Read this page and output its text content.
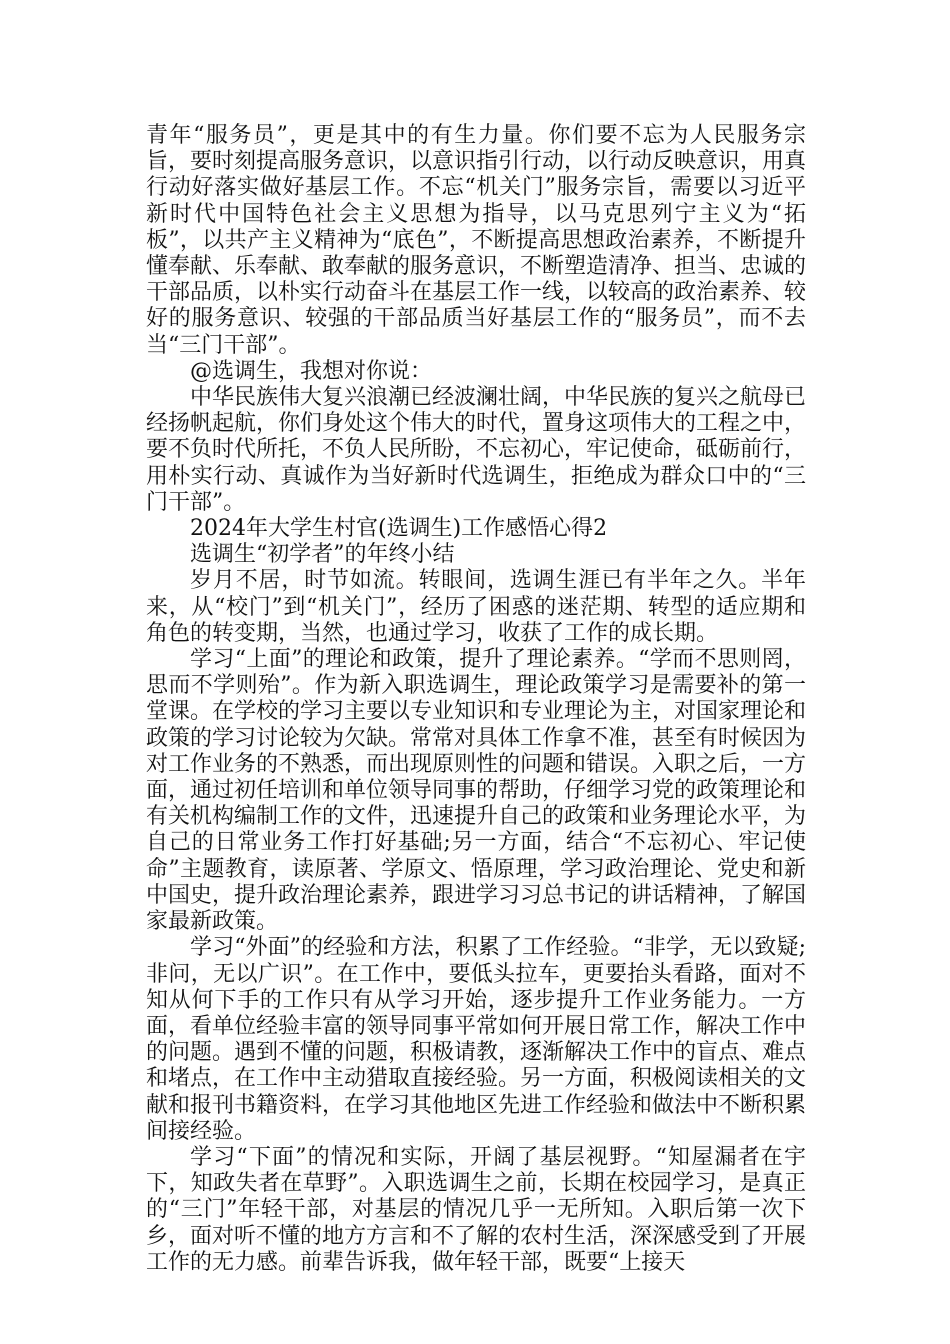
青年“服务员”，更是其中的有生力量。你们要不忘为人民服务宗旨，要时刻提高服务意识，以意识指引行动，以行动反映意识，用真行动好落实做好基层工作。不忘“机关门”服务宗旨，需要以习近平新时代中国特色社会主义思想为指导，以马克思列宁主义为“拓板”，以共产主义精神为“底色”，不断提高思想政治素养，不断提升懂奉献、乐奉献、敢奉献的服务意识，不断塑造清净、担当、忠诚的干部品质，以朴实行动奋斗在基层工作一线，以较高的政治素养、较好的服务意识、较强的干部品质当好基层工作的“服务员”，而不去当“三门干部”。

@选调生，我想对你说：

中华民族伟大复兴浪潮已经波澜壮阔，中华民族的复兴之航母已经扬帆起航，你们身处这个伟大的时代，置身这项伟大的工程之中，要不负时代所托，不负人民所盼，不忘初心，牢记使命，砥砺前行，用朴实行动、真诚作为当好新时代选调生，拒绝成为群众口中的“三门干部”。

2024年大学生村官(选调生)工作感悟心得2

选调生“初学者”的年终小结

岁月不居，时节如流。转眼间，选调生涯已有半年之久。半年来，从“校门”到“机关门”，经历了困惑的迷茫期、转型的适应期和角色的转变期，当然，也通过学习，收获了工作的成长期。

学习“上面”的理论和政策，提升了理论素养。“学而不思则罔，思而不学则殆”。作为新入职选调生，理论政策学习是需要补的第一堂课。在学校的学习主要以专业知识和专业理论为主，对国家理论和政策的学习讨论较为欠缺。常常对具体工作拿不准，甚至有时候因为对工作业务的不熟悉，而出现原则性的问题和错误。入职之后，一方面，通过初任培训和单位领导同事的帮助，仔细学习党的政策理论和有关机构编制工作的文件，迅速提升自己的政策和业务理论水平，为自己的日常业务工作打好基础;另一方面，结合“不忘初心、牢记使命”主题教育，读原著、学原文、悟原理，学习政治理论、党史和新中国史，提升政治理论素养，跟进学习习总书记的讲话精神，了解国家最新政策。

学习“外面”的经验和方法，积累了工作经验。“非学，无以致疑;非问，无以广识”。在工作中，要低头拉车，更要抬头看路，面对不知从何下手的工作只有从学习开始，逐步提升工作业务能力。一方面，看单位经验丰富的领导同事平常如何开展日常工作，解决工作中的问题。遇到不懂的问题，积极请教，逐渐解决工作中的盲点、难点和堵点，在工作中主动猎取直接经验。另一方面，积极阅读相关的文献和报刊书籍资料，在学习其他地区先进工作经验和做法中不断积累间接经验。

学习“下面”的情况和实际，开阔了基层视野。“知屋漏者在宇下，知政失者在草野”。入职选调生之前，长期在校园学习，是真正的“三门”年轻干部，对基层的情况几乎一无所知。入职后第一次下乡，面对听不懂的地方方言和不了解的农村生活，深深感受到了开展工作的无力感。前辈告诉我，做年轻干部，既要“上接天
